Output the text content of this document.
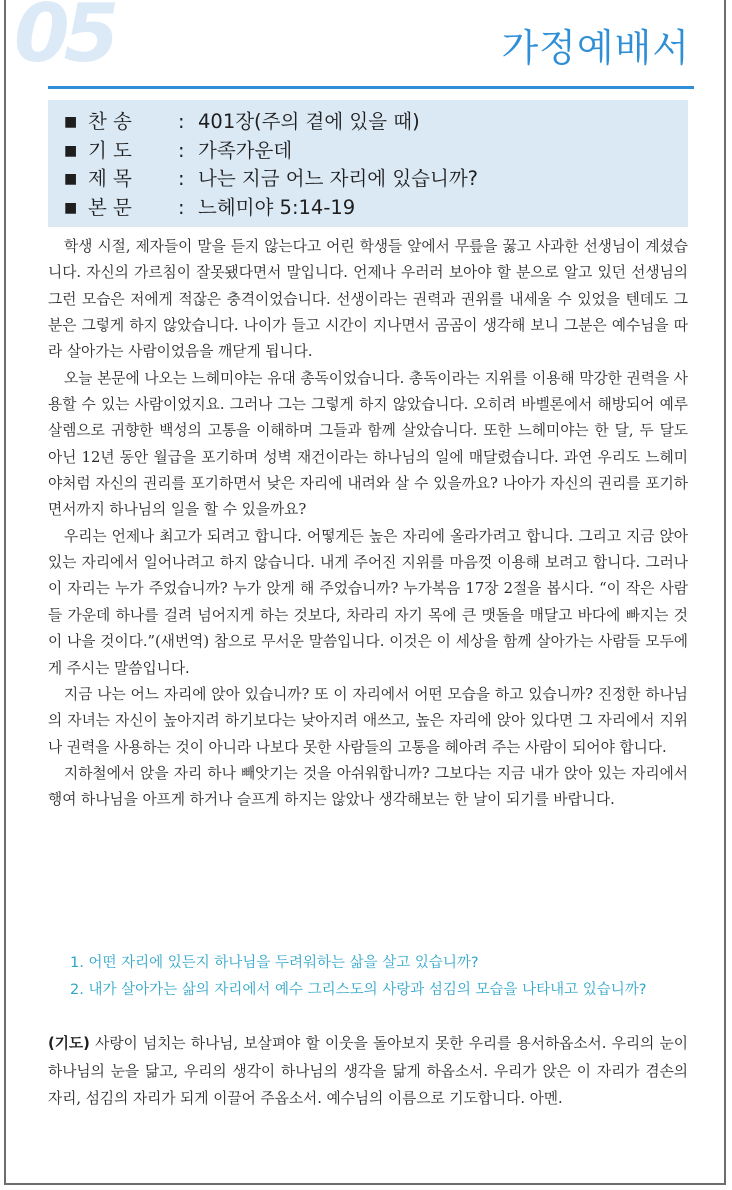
05	가정예배서
■ 찬 송 : 401장(주의 곁에 있을 때)
■ 기 도 : 가족가운데
■ 제 목 : 나는 지금 어느 자리에 있습니까?
■ 본 문 : 느헤미야 5:14-19

학생 시절, 제자들이 말을 듣지 않는다고 어린 학생들 앞에서 무릎을 꿇고 사과한 선생님이 계셨습니다. 자신의 가르침이 잘못됐다면서 말입니다. 언제나 우러러 보아야 할 분으로 알고 있던 선생님의 그런 모습은 저에게 적잖은 충격이었습니다. 선생이라는 권력과 권위를 내세울 수 있었을 텐데도 그분은 그렇게 하지 않았습니다. 나이가 들고 시간이 지나면서 곰곰이 생각해 보니 그분은 예수님을 따라 살아가는 사람이었음을 깨닫게 됩니다.

오늘 본문에 나오는 느헤미야는 유대 총독이었습니다. 총독이라는 지위를 이용해 막강한 권력을 사용할 수 있는 사람이었지요. 그러나 그는 그렇게 하지 않았습니다. 오히려 바벨론에서 해방되어 예루살렘으로 귀향한 백성의 고통을 이해하며 그들과 함께 살았습니다. 또한 느헤미야는 한 달, 두 달도 아닌 12년 동안 월급을 포기하며 성벽 재건이라는 하나님의 일에 매달렸습니다. 과연 우리도 느헤미야처럼 자신의 권리를 포기하면서 낮은 자리에 내려와 살 수 있을까요? 나아가 자신의 권리를 포기하면서까지 하나님의 일을 할 수 있을까요?

우리는 언제나 최고가 되려고 합니다. 어떻게든 높은 자리에 올라가려고 합니다. 그리고 지금 앉아 있는 자리에서 일어나려고 하지 않습니다. 내게 주어진 지위를 마음껏 이용해 보려고 합니다. 그러나 이 자리는 누가 주었습니까? 누가 앉게 해 주었습니까? 누가복음 17장 2절을 봅시다. “이 작은 사람들 가운데 하나를 걸려 넘어지게 하는 것보다, 차라리 자기 목에 큰 맷돌을 매달고 바다에 빠지는 것이 나을 것이다.”(새번역) 참으로 무서운 말씀입니다. 이것은 이 세상을 함께 살아가는 사람들 모두에게 주시는 말씀입니다.

지금 나는 어느 자리에 앉아 있습니까? 또 이 자리에서 어떤 모습을 하고 있습니까? 진정한 하나님의 자녀는 자신이 높아지려 하기보다는 낮아지려 애쓰고, 높은 자리에 앉아 있다면 그 자리에서 지위나 권력을 사용하는 것이 아니라 나보다 못한 사람들의 고통을 헤아려 주는 사람이 되어야 합니다.

지하철에서 앉을 자리 하나 빼앗기는 것을 아쉬워합니까? 그보다는 지금 내가 앉아 있는 자리에서 행여 하나님을 아프게 하거나 슬프게 하지는 않았나 생각해보는 한 날이 되기를 바랍니다.

1. 어떤 자리에 있든지 하나님을 두려워하는 삶을 살고 있습니까?
2. 내가 살아가는 삶의 자리에서 예수 그리스도의 사랑과 섬김의 모습을 나타내고 있습니까?
(기도) 사랑이 넘치는 하나님, 보살펴야 할 이웃을 돌아보지 못한 우리를 용서하옵소서. 우리의 눈이 하나님의 눈을 닮고, 우리의 생각이 하나님의 생각을 닮게 하옵소서. 우리가 앉은 이 자리가 겸손의 자리, 섬김의 자리가 되게 이끌어 주옵소서. 예수님의 이름으로 기도합니다. 아멘.
